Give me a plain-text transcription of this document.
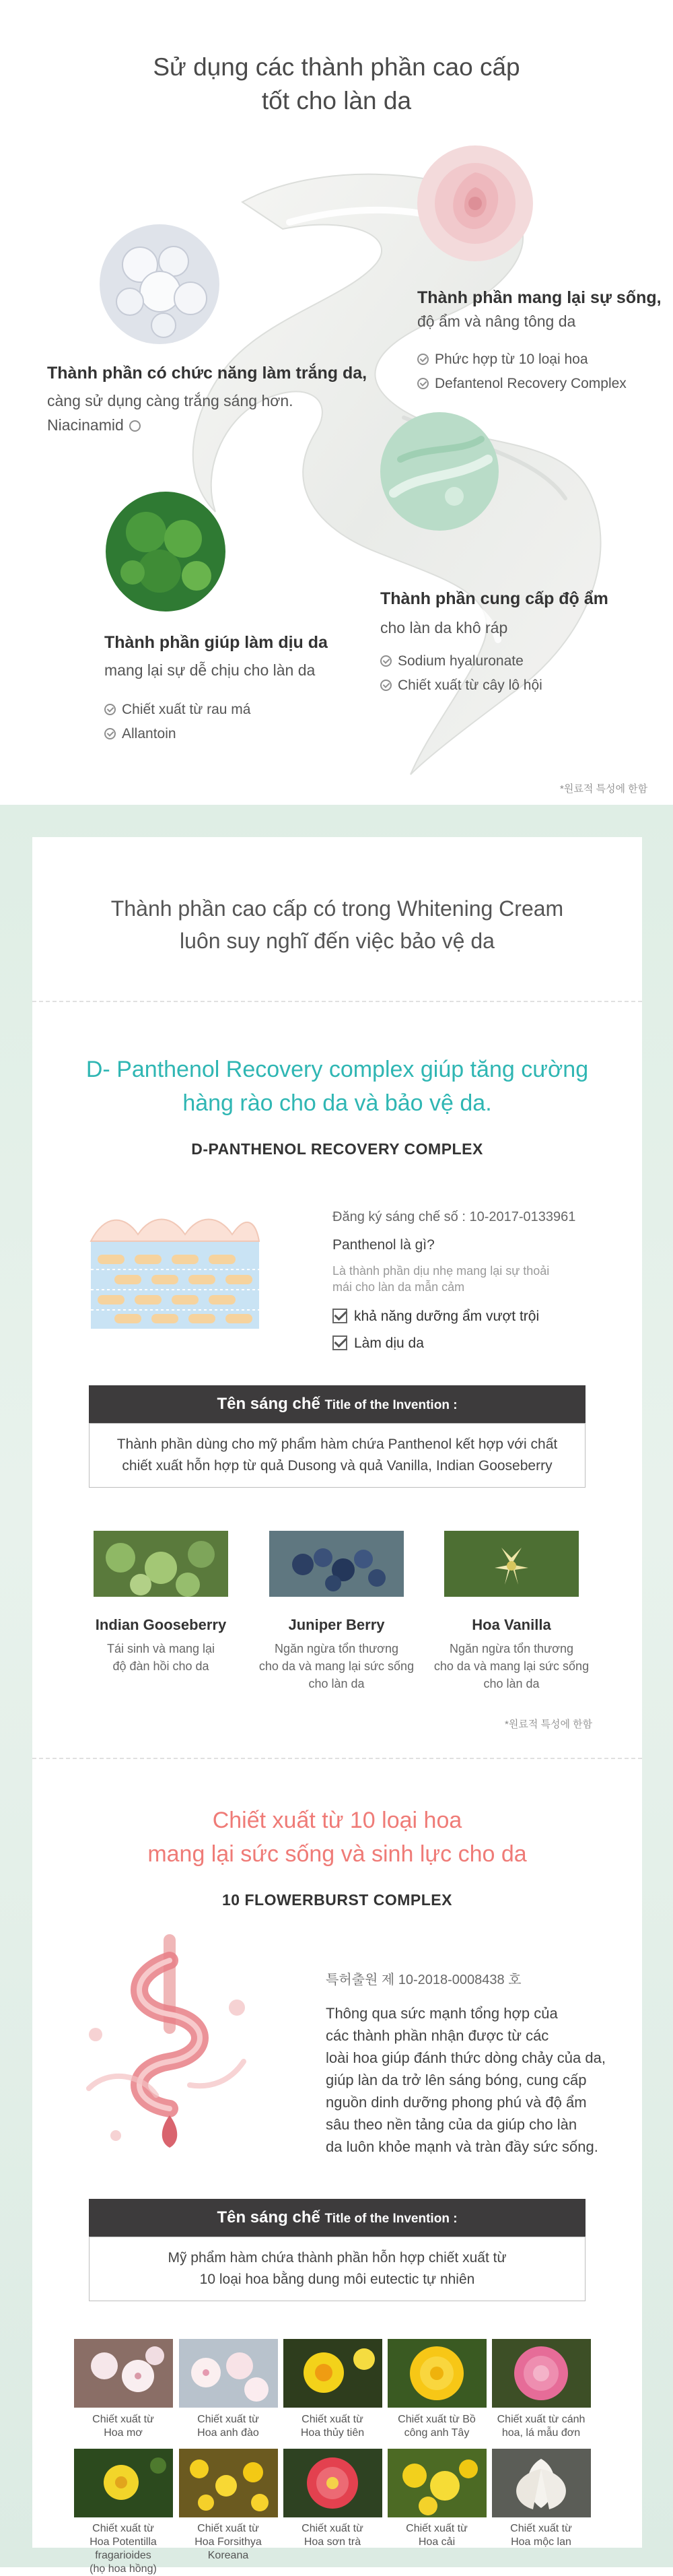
Sử dụng các thành phần cao cấp
tốt cho làn da
Thành phần mang lại sự sống,
độ ẩm và nâng tông da
Phức hợp từ 10 loại hoa
Defantenol Recovery Complex
Thành phần có chức năng làm trắng da,
càng sử dụng càng trắng sáng hơn.
Niacinamid
Thành phần cung cấp độ ẩm
cho làn da khô ráp
Sodium hyaluronate
Chiết xuất từ cây lô hội
Thành phần giúp làm dịu da
mang lại sự dễ chịu cho làn da
Chiết xuất từ rau má
Allantoin
*원료적 특성에 한함
Thành phần cao cấp có trong Whitening Cream
luôn suy nghĩ đến việc bảo vệ da
D- Panthenol Recovery complex giúp tăng cường
hàng rào cho da và bảo vệ da.
D-PANTHENOL RECOVERY COMPLEX
Đăng ký sáng chế số : 10-2017-0133961
Panthenol là gì?
Là thành phần dịu nhẹ mang lại sự thoải
mái cho làn da mẫn cảm
khả năng dưỡng ẩm vượt trội
Làm dịu da
Tên sáng chế Title of the Invention :
Thành phần dùng cho mỹ phẩm hàm chứa Panthenol kết hợp với chất
chiết xuất hỗn hợp từ quả Dusong và quả Vanilla, Indian Gooseberry
Indian Gooseberry
Tái sinh và mang lại
độ đàn hồi cho da
Juniper Berry
Ngăn ngừa tổn thương
cho da và mang lại sức sống
cho làn da
Hoa Vanilla
Ngăn ngừa tổn thương
cho da và mang lại sức sống
cho làn da
*원료적 특성에 한함
Chiết xuất từ 10 loại hoa
mang lại sức sống và sinh lực cho da
10 FLOWERBURST COMPLEX
특허출원 제 10-2018-0008438 호
Thông qua sức mạnh tổng hợp của
các thành phần nhận được từ các
loài hoa giúp đánh thức dòng chảy của da,
giúp làn da trở lên sáng bóng, cung cấp
nguồn dinh dưỡng phong phú và độ ẩm
sâu theo nền tảng của da giúp cho làn
da luôn khỏe mạnh và tràn đầy sức sống.
Tên sáng chế Title of the Invention :
Mỹ phẩm hàm chứa thành phần hỗn hợp chiết xuất từ
10 loại hoa bằng dung môi eutectic tự nhiên
Chiết xuất từ
Hoa mơ
Chiết xuất từ
Hoa anh đào
Chiết xuất từ
Hoa thủy tiên
Chiết xuất từ Bồ
công anh Tây
Chiết xuất từ cánh
hoa, lá mẫu đơn
Chiết xuất từ
Hoa Potentilla
fragarioides
(họ hoa hồng)
Chiết xuất từ
Hoa Forsithya
Koreana
Chiết xuất từ
Hoa sơn trà
Chiết xuất từ
Hoa cải
Chiết xuất từ
Hoa mộc lan
